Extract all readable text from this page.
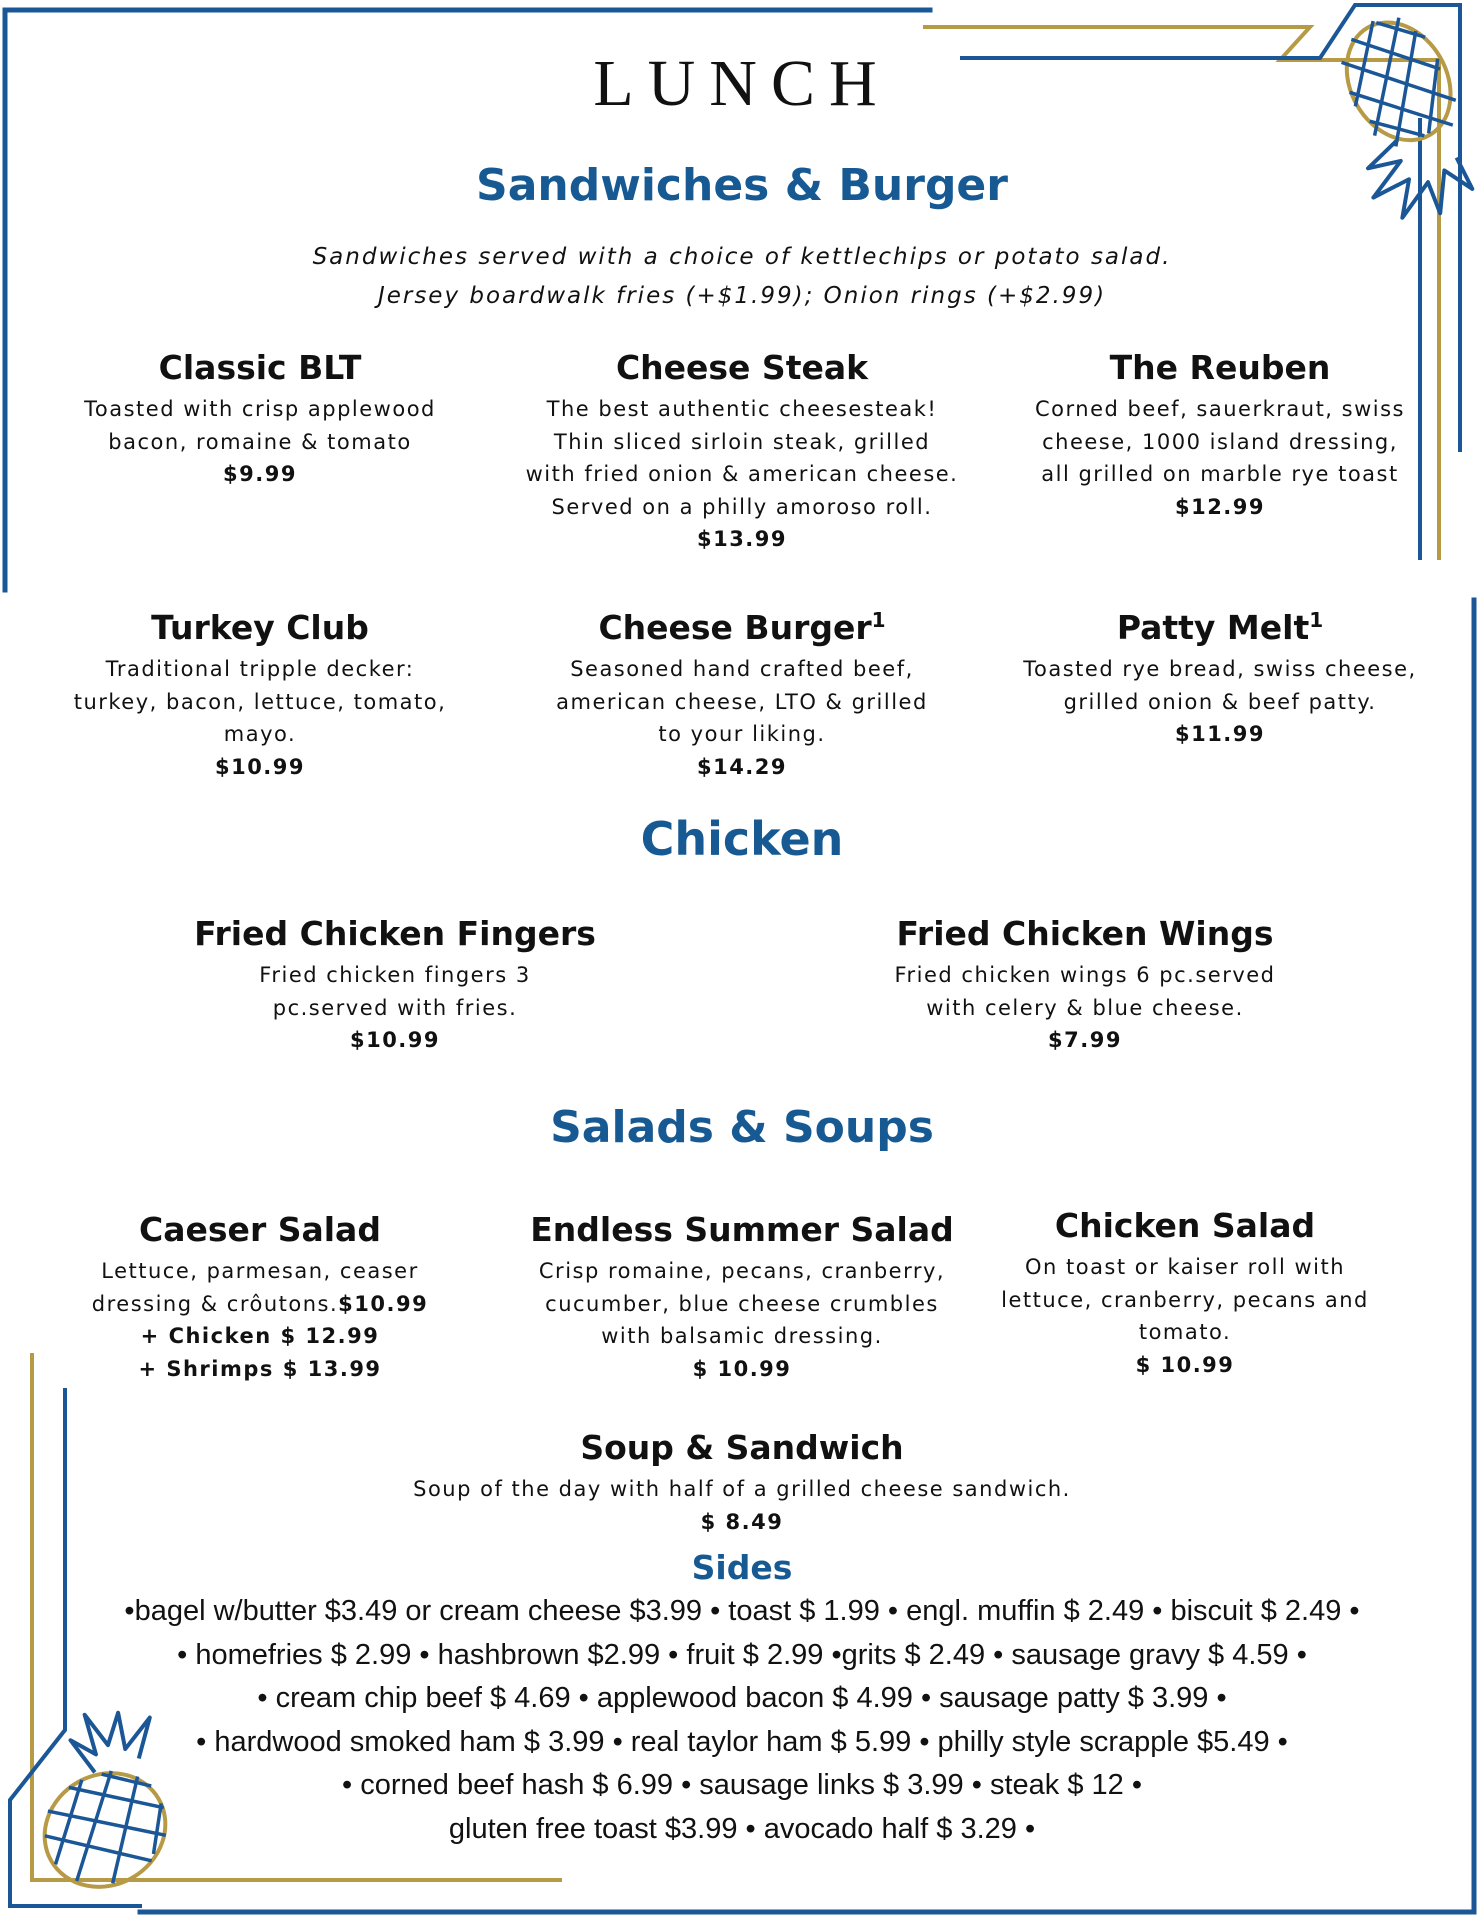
LUNCH
Sandwiches & Burger
Sandwiches served with a choice of kettlechips or potato salad.
Jersey boardwalk fries (+$1.99); Onion rings (+$2.99)
Classic BLT
Toasted with crisp applewood
bacon, romaine & tomato
$9.99
Cheese Steak
The best authentic cheesesteak!
Thin sliced sirloin steak, grilled
with fried onion & american cheese.
Served on a philly amoroso roll.
$13.99
The Reuben
Corned beef, sauerkraut, swiss
cheese, 1000 island dressing,
all grilled on marble rye toast
$12.99
Turkey Club
Traditional tripple decker:
turkey, bacon, lettuce, tomato,
mayo.
$10.99
Cheese Burger$^1$
Seasoned hand crafted beef,
american cheese, LTO & grilled
to your liking.
$14.29
Patty Melt$^1$
Toasted rye bread, swiss cheese,
grilled onion & beef patty.
$11.99
Chicken
Fried Chicken Fingers
Fried chicken fingers 3
pc.served with fries.
$10.99
Fried Chicken Wings
Fried chicken wings 6 pc.served
with celery & blue cheese.
$7.99
Salads & Soups
Caeser Salad
Lettuce, parmesan, ceaser
dressing & crôutons.$10.99
+ Chicken $ 12.99
+ Shrimps $ 13.99
Endless Summer Salad
Crisp romaine, pecans, cranberry,
cucumber, blue cheese crumbles
with balsamic dressing.
$ 10.99
Chicken Salad
On toast or kaiser roll with
lettuce, cranberry, pecans and
tomato.
$ 10.99
Soup & Sandwich
Soup of the day with half of a grilled cheese sandwich.
$ 8.49
Sides
•bagel w/butter $3.49 or cream cheese $3.99 • toast $ 1.99 • engl. muffin $ 2.49 • biscuit $ 2.49 •
• homefries $ 2.99 • hashbrown $2.99 • fruit $ 2.99 •grits $ 2.49 • sausage gravy $ 4.59 •
• cream chip beef $ 4.69 • applewood bacon $ 4.99 • sausage patty $ 3.99 •
• hardwood smoked ham $ 3.99 • real taylor ham $ 5.99 • philly style scrapple $5.49 •
• corned beef hash $ 6.99 • sausage links $ 3.99 • steak $ 12 •
gluten free toast $3.99 • avocado half $ 3.29 •
